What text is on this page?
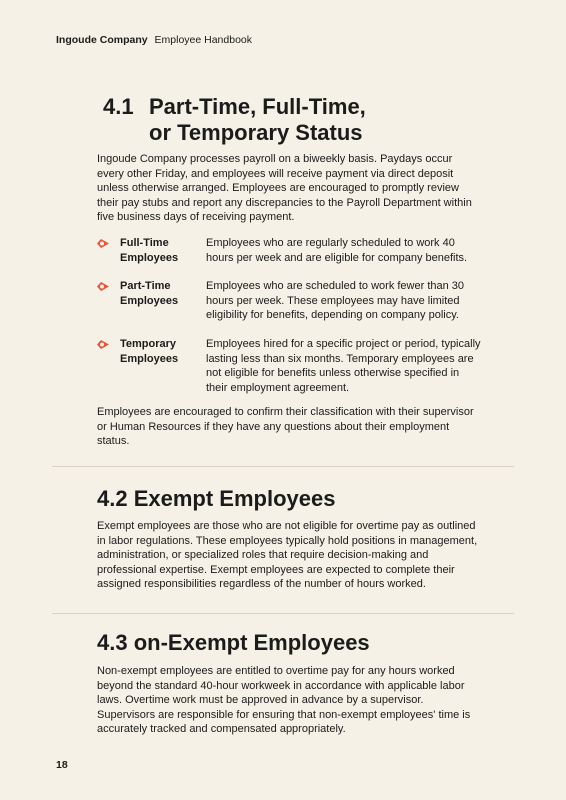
Ingoude Company Employee Handbook
4.1 Part-Time, Full-Time,
or Temporary Status

Ingoude Company processes payroll on a biweekly basis. Paydays occur every other Friday, and employees will receive payment via direct deposit unless otherwise arranged. Employees are encouraged to promptly review their pay stubs and report any discrepancies to the Payroll Department within five business days of receiving payment.

Full-Time Employees
Employees who are regularly scheduled to work 40 hours per week and are eligible for company benefits.
Part-Time Employees
Employees who are scheduled to work fewer than 30 hours per week. These employees may have limited eligibility for benefits, depending on company policy.
Temporary Employees
Employees hired for a specific project or period, typically lasting less than six months. Temporary employees are not eligible for benefits unless otherwise specified in their employment agreement.

Employees are encouraged to confirm their classification with their supervisor or Human Resources if they have any questions about their employment status.

4.2 Exempt Employees

Exempt employees are those who are not eligible for overtime pay as outlined in labor regulations. These employees typically hold positions in management, administration, or specialized roles that require decision-making and professional expertise. Exempt employees are expected to complete their assigned responsibilities regardless of the number of hours worked.

4.3 on-Exempt Employees

Non-exempt employees are entitled to overtime pay for any hours worked beyond the standard 40-hour workweek in accordance with applicable labor laws. Overtime work must be approved in advance by a supervisor. Supervisors are responsible for ensuring that non-exempt employees' time is accurately tracked and compensated appropriately.

18
